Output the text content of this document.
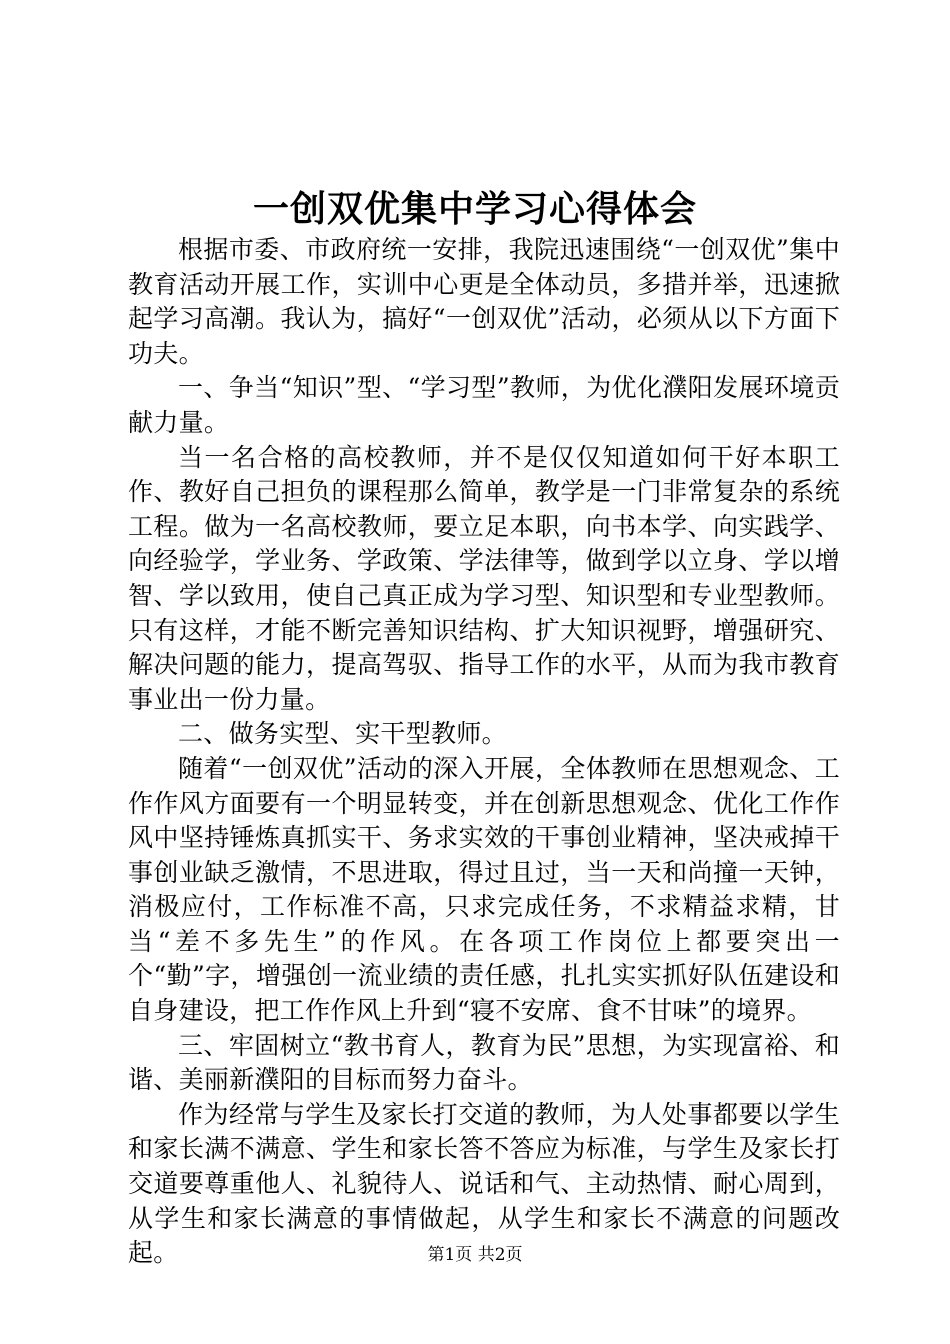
一创双优集中学习心得体会

根据市委、市政府统一安排，我院迅速围绕“一创双优”集中教育活动开展工作，实训中心更是全体动员，多措并举，迅速掀起学习高潮。我认为，搞好“一创双优”活动，必须从以下方面下功夫。

一、争当“知识”型、“学习型”教师，为优化濮阳发展环境贡献力量。

当一名合格的高校教师，并不是仅仅知道如何干好本职工作、教好自己担负的课程那么简单，教学是一门非常复杂的系统工程。做为一名高校教师，要立足本职，向书本学、向实践学、向经验学，学业务、学政策、学法律等，做到学以立身、学以增智、学以致用，使自己真正成为学习型、知识型和专业型教师。只有这样，才能不断完善知识结构、扩大知识视野，增强研究、解决问题的能力，提高驾驭、指导工作的水平，从而为我市教育事业出一份力量。

二、做务实型、实干型教师。

随着“一创双优”活动的深入开展，全体教师在思想观念、工作作风方面要有一个明显转变，并在创新思想观念、优化工作作风中坚持锤炼真抓实干、务求实效的干事创业精神，坚决戒掉干事创业缺乏激情，不思进取，得过且过，当一天和尚撞一天钟，消极应付，工作标准不高，只求完成任务，不求精益求精，甘当“差不多先生”的作风。在各项工作岗位上都要突出一个“勤”字，增强创一流业绩的责任感，扎扎实实抓好队伍建设和自身建设，把工作作风上升到“寝不安席、食不甘味”的境界。

三、牢固树立“教书育人，教育为民”思想，为实现富裕、和谐、美丽新濮阳的目标而努力奋斗。

作为经常与学生及家长打交道的教师，为人处事都要以学生和家长满不满意、学生和家长答不答应为标准，与学生及家长打交道要尊重他人、礼貌待人、说话和气、主动热情、耐心周到，从学生和家长满意的事情做起，从学生和家长不满意的问题改起。	第1页 共2页
